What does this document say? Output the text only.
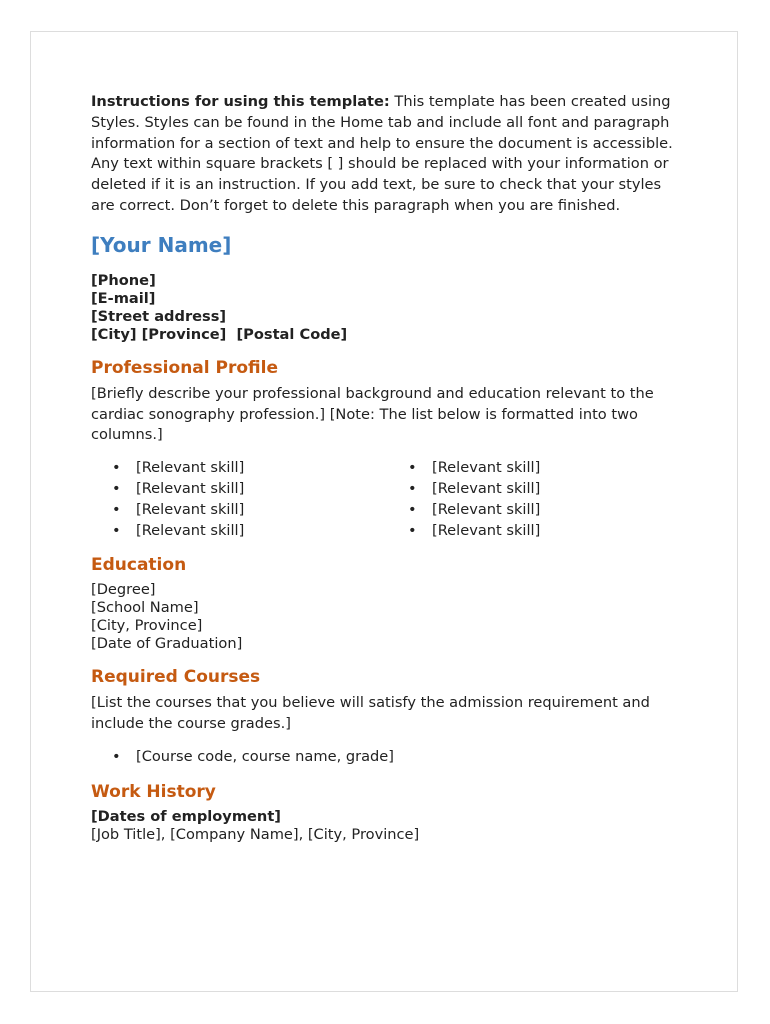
Instructions for using this template: This template has been created using Styles. Styles can be found in the Home tab and include all font and paragraph information for a section of text and help to ensure the document is accessible. Any text within square brackets [ ] should be replaced with your information or deleted if it is an instruction. If you add text, be sure to check that your styles are correct. Don’t forget to delete this paragraph when you are finished.

[Your Name]
[Phone]
[E-mail]
[Street address]
[City] [Province]  [Postal Code]
Professional Profile

[Briefly describe your professional background and education relevant to the cardiac sonography profession.] [Note: The list below is formatted into two columns.]

• [Relevant skill]
• [Relevant skill]
• [Relevant skill]
• [Relevant skill]
• [Relevant skill]
• [Relevant skill]
• [Relevant skill]
• [Relevant skill]
Education
[Degree]
[School Name]
[City, Province]
[Date of Graduation]
Required Courses

[List the courses that you believe will satisfy the admission requirement and include the course grades.]

• [Course code, course name, grade]
Work History
[Dates of employment]
[Job Title], [Company Name], [City, Province]
